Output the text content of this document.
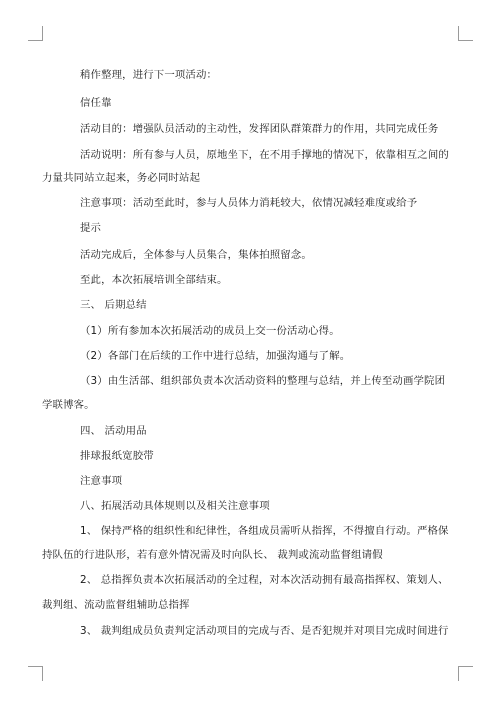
稍作整理，进行下一项活动：
信任靠
活动目的：增强队员活动的主动性，发挥团队群策群力的作用，共同完成任务
活动说明：所有参与人员，原地坐下，在不用手撑地的情况下，依靠相互之间的
力量共同站立起来，务必同时站起
注意事项：活动至此时，参与人员体力消耗较大，依情况减轻难度或给予
提示
活动完成后，全体参与人员集合，集体拍照留念。
至此，本次拓展培训全部结束。
三、 后期总结
（1）所有参加本次拓展活动的成员上交一份活动心得。
（2）各部门在后续的工作中进行总结，加强沟通与了解。
（3）由生活部、组织部负责本次活动资料的整理与总结，并上传至动画学院团
学联博客。
四、 活动用品
排球报纸宽胶带
注意事项
八、拓展活动具体规则以及相关注意事项
1、 保持严格的组织性和纪律性，各组成员需听从指挥，不得擅自行动。严格保
持队伍的行进队形，若有意外情况需及时向队长、 裁判或流动监督组请假
2、 总指挥负责本次拓展活动的全过程，对本次活动拥有最高指挥权、策划人、
裁判组、流动监督组辅助总指挥
3、 裁判组成员负责判定活动项目的完成与否、是否犯规并对项目完成时间进行
